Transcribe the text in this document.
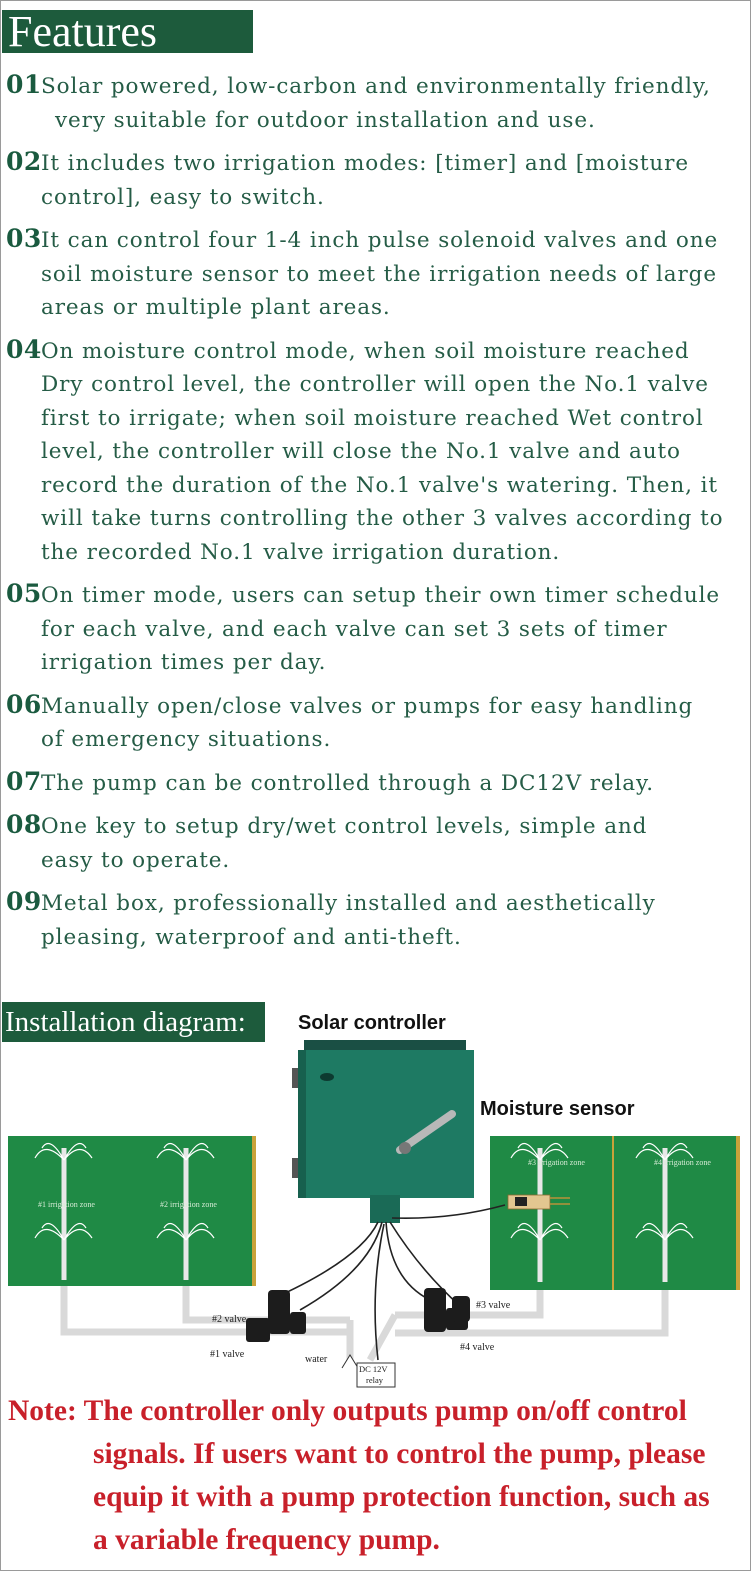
Features
01 Solar powered, low-carbon and environmentally friendly,
very suitable for outdoor installation and use.
02 It includes two irrigation modes: [timer] and [moisture
control], easy to switch.
03 It can control four 1-4 inch pulse solenoid valves and one
soil moisture sensor to meet the irrigation needs of large
areas or multiple plant areas.
04 On moisture control mode, when soil moisture reached
Dry control level, the controller will open the No.1 valve
first to irrigate; when soil moisture reached Wet control
level, the controller will close the No.1 valve and auto
record the duration of the No.1 valve's watering. Then, it
will take turns controlling the other 3 valves according to
the recorded No.1 valve irrigation duration.
05 On timer mode, users can setup their own timer schedule
for each valve, and each valve can set 3 sets of timer
irrigation times per day.
06 Manually open/close valves or pumps for easy handling
of emergency situations.
07 The pump can be controlled through a DC12V relay.
08 One key to setup dry/wet control levels, simple and
easy to operate.
09 Metal box, professionally installed and aesthetically
pleasing, waterproof and anti-theft.
Installation diagram:	Solar controller
Moisture sensor
#1 irrigation zone	#2 irrigation zone
#3 irrigation zone	#4 irrigation zone
#2 valve
#1 valve
#3 valve
#4 valve
water
DC 12V
relay
Note: The controller only outputs pump on/off control
signals. If users want to control the pump, please
equip it with a pump protection function, such as
a variable frequency pump.
